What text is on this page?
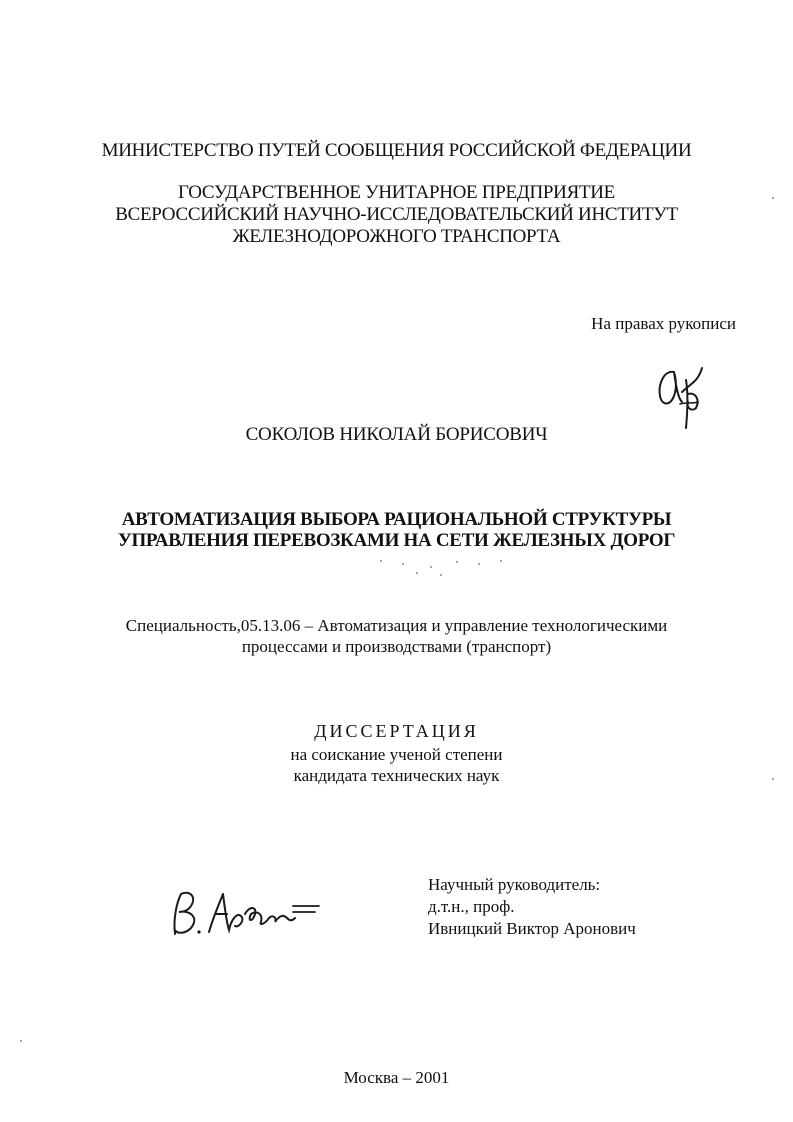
МИНИСТЕРСТВО ПУТЕЙ СООБЩЕНИЯ РОССИЙСКОЙ ФЕДЕРАЦИИ
ГОСУДАРСТВЕННОЕ УНИТАРНОЕ ПРЕДПРИЯТИЕ
ВСЕРОССИЙСКИЙ НАУЧНО-ИССЛЕДОВАТЕЛЬСКИЙ ИНСТИТУТ
ЖЕЛЕЗНОДОРОЖНОГО ТРАНСПОРТА
На правах рукописи
СОКОЛОВ НИКОЛАЙ БОРИСОВИЧ
АВТОМАТИЗАЦИЯ ВЫБОРА РАЦИОНАЛЬНОЙ СТРУКТУРЫ
УПРАВЛЕНИЯ ПЕРЕВОЗКАМИ НА СЕТИ ЖЕЛЕЗНЫХ ДОРОГ
Специальность,05.13.06 – Автоматизация и управление технологическими
процессами и производствами (транспорт)
ДИССЕРТАЦИЯ
на соискание ученой степени
кандидата технических наук
Научный руководитель:
д.т.н., проф.
Ивницкий Виктор Аронович
Москва – 2001
